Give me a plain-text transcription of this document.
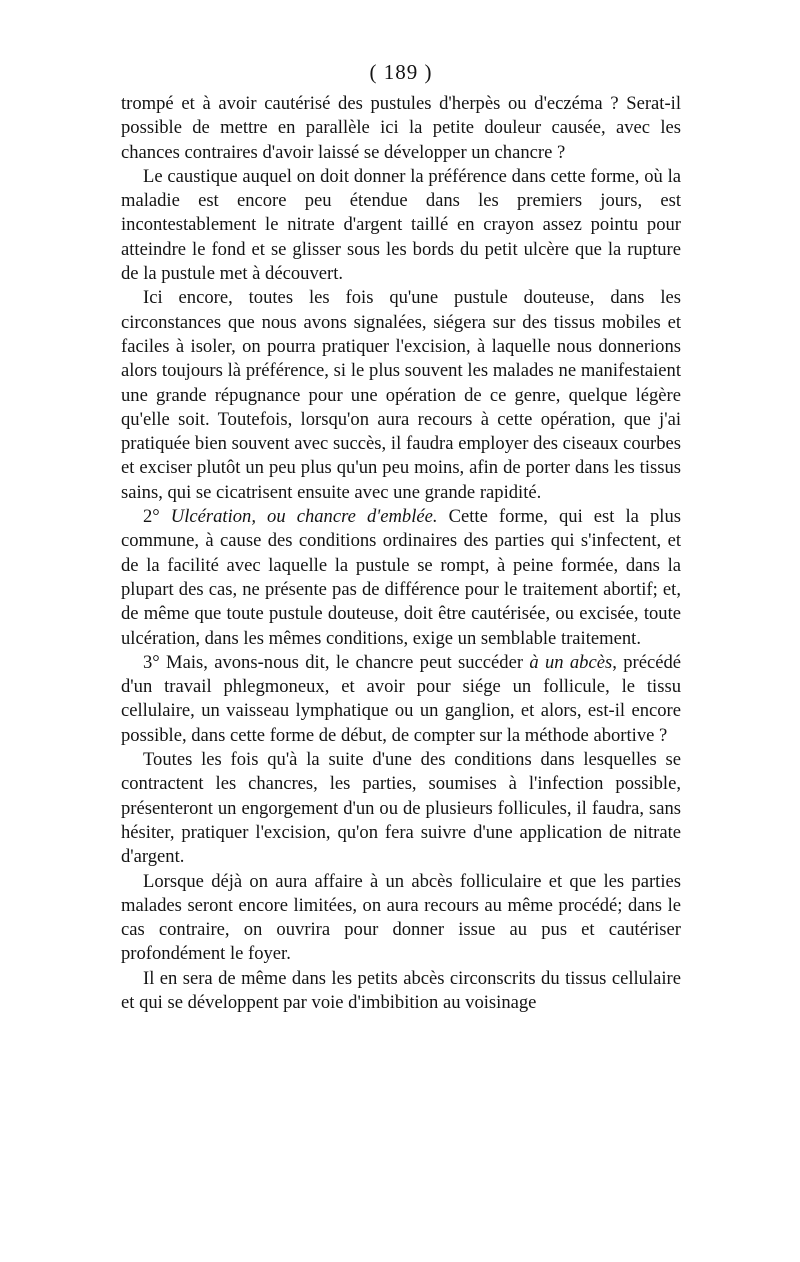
( 189 )

trompé et à avoir cautérisé des pustules d'herpès ou d'eczéma ? Serat-il possible de mettre en parallèle ici la petite douleur causée, avec les chances contraires d'avoir laissé se développer un chancre ?

Le caustique auquel on doit donner la préférence dans cette forme, où la maladie est encore peu étendue dans les premiers jours, est incontestablement le nitrate d'argent taillé en crayon assez pointu pour atteindre le fond et se glisser sous les bords du petit ulcère que la rupture de la pustule met à découvert.

Ici encore, toutes les fois qu'une pustule douteuse, dans les circonstances que nous avons signalées, siégera sur des tissus mobiles et faciles à isoler, on pourra pratiquer l'excision, à laquelle nous donnerions alors toujours là préférence, si le plus souvent les malades ne manifestaient une grande répugnance pour une opération de ce genre, quelque légère qu'elle soit. Toutefois, lorsqu'on aura recours à cette opération, que j'ai pratiquée bien souvent avec succès, il faudra employer des ciseaux courbes et exciser plutôt un peu plus qu'un peu moins, afin de porter dans les tissus sains, qui se cicatrisent ensuite avec une grande rapidité.

2° Ulcération, ou chancre d'emblée. Cette forme, qui est la plus commune, à cause des conditions ordinaires des parties qui s'infectent, et de la facilité avec laquelle la pustule se rompt, à peine formée, dans la plupart des cas, ne présente pas de différence pour le traitement abortif; et, de même que toute pustule douteuse, doit être cautérisée, ou excisée, toute ulcération, dans les mêmes conditions, exige un semblable traitement.

3° Mais, avons-nous dit, le chancre peut succéder à un abcès, précédé d'un travail phlegmoneux, et avoir pour siége un follicule, le tissu cellulaire, un vaisseau lymphatique ou un ganglion, et alors, est-il encore possible, dans cette forme de début, de compter sur la méthode abortive ?

Toutes les fois qu'à la suite d'une des conditions dans lesquelles se contractent les chancres, les parties, soumises à l'infection possible, présenteront un engorgement d'un ou de plusieurs follicules, il faudra, sans hésiter, pratiquer l'excision, qu'on fera suivre d'une application de nitrate d'argent.

Lorsque déjà on aura affaire à un abcès folliculaire et que les parties malades seront encore limitées, on aura recours au même procédé; dans le cas contraire, on ouvrira pour donner issue au pus et cautériser profondément le foyer.

Il en sera de même dans les petits abcès circonscrits du tissus cellulaire et qui se développent par voie d'imbibition au voisinage
